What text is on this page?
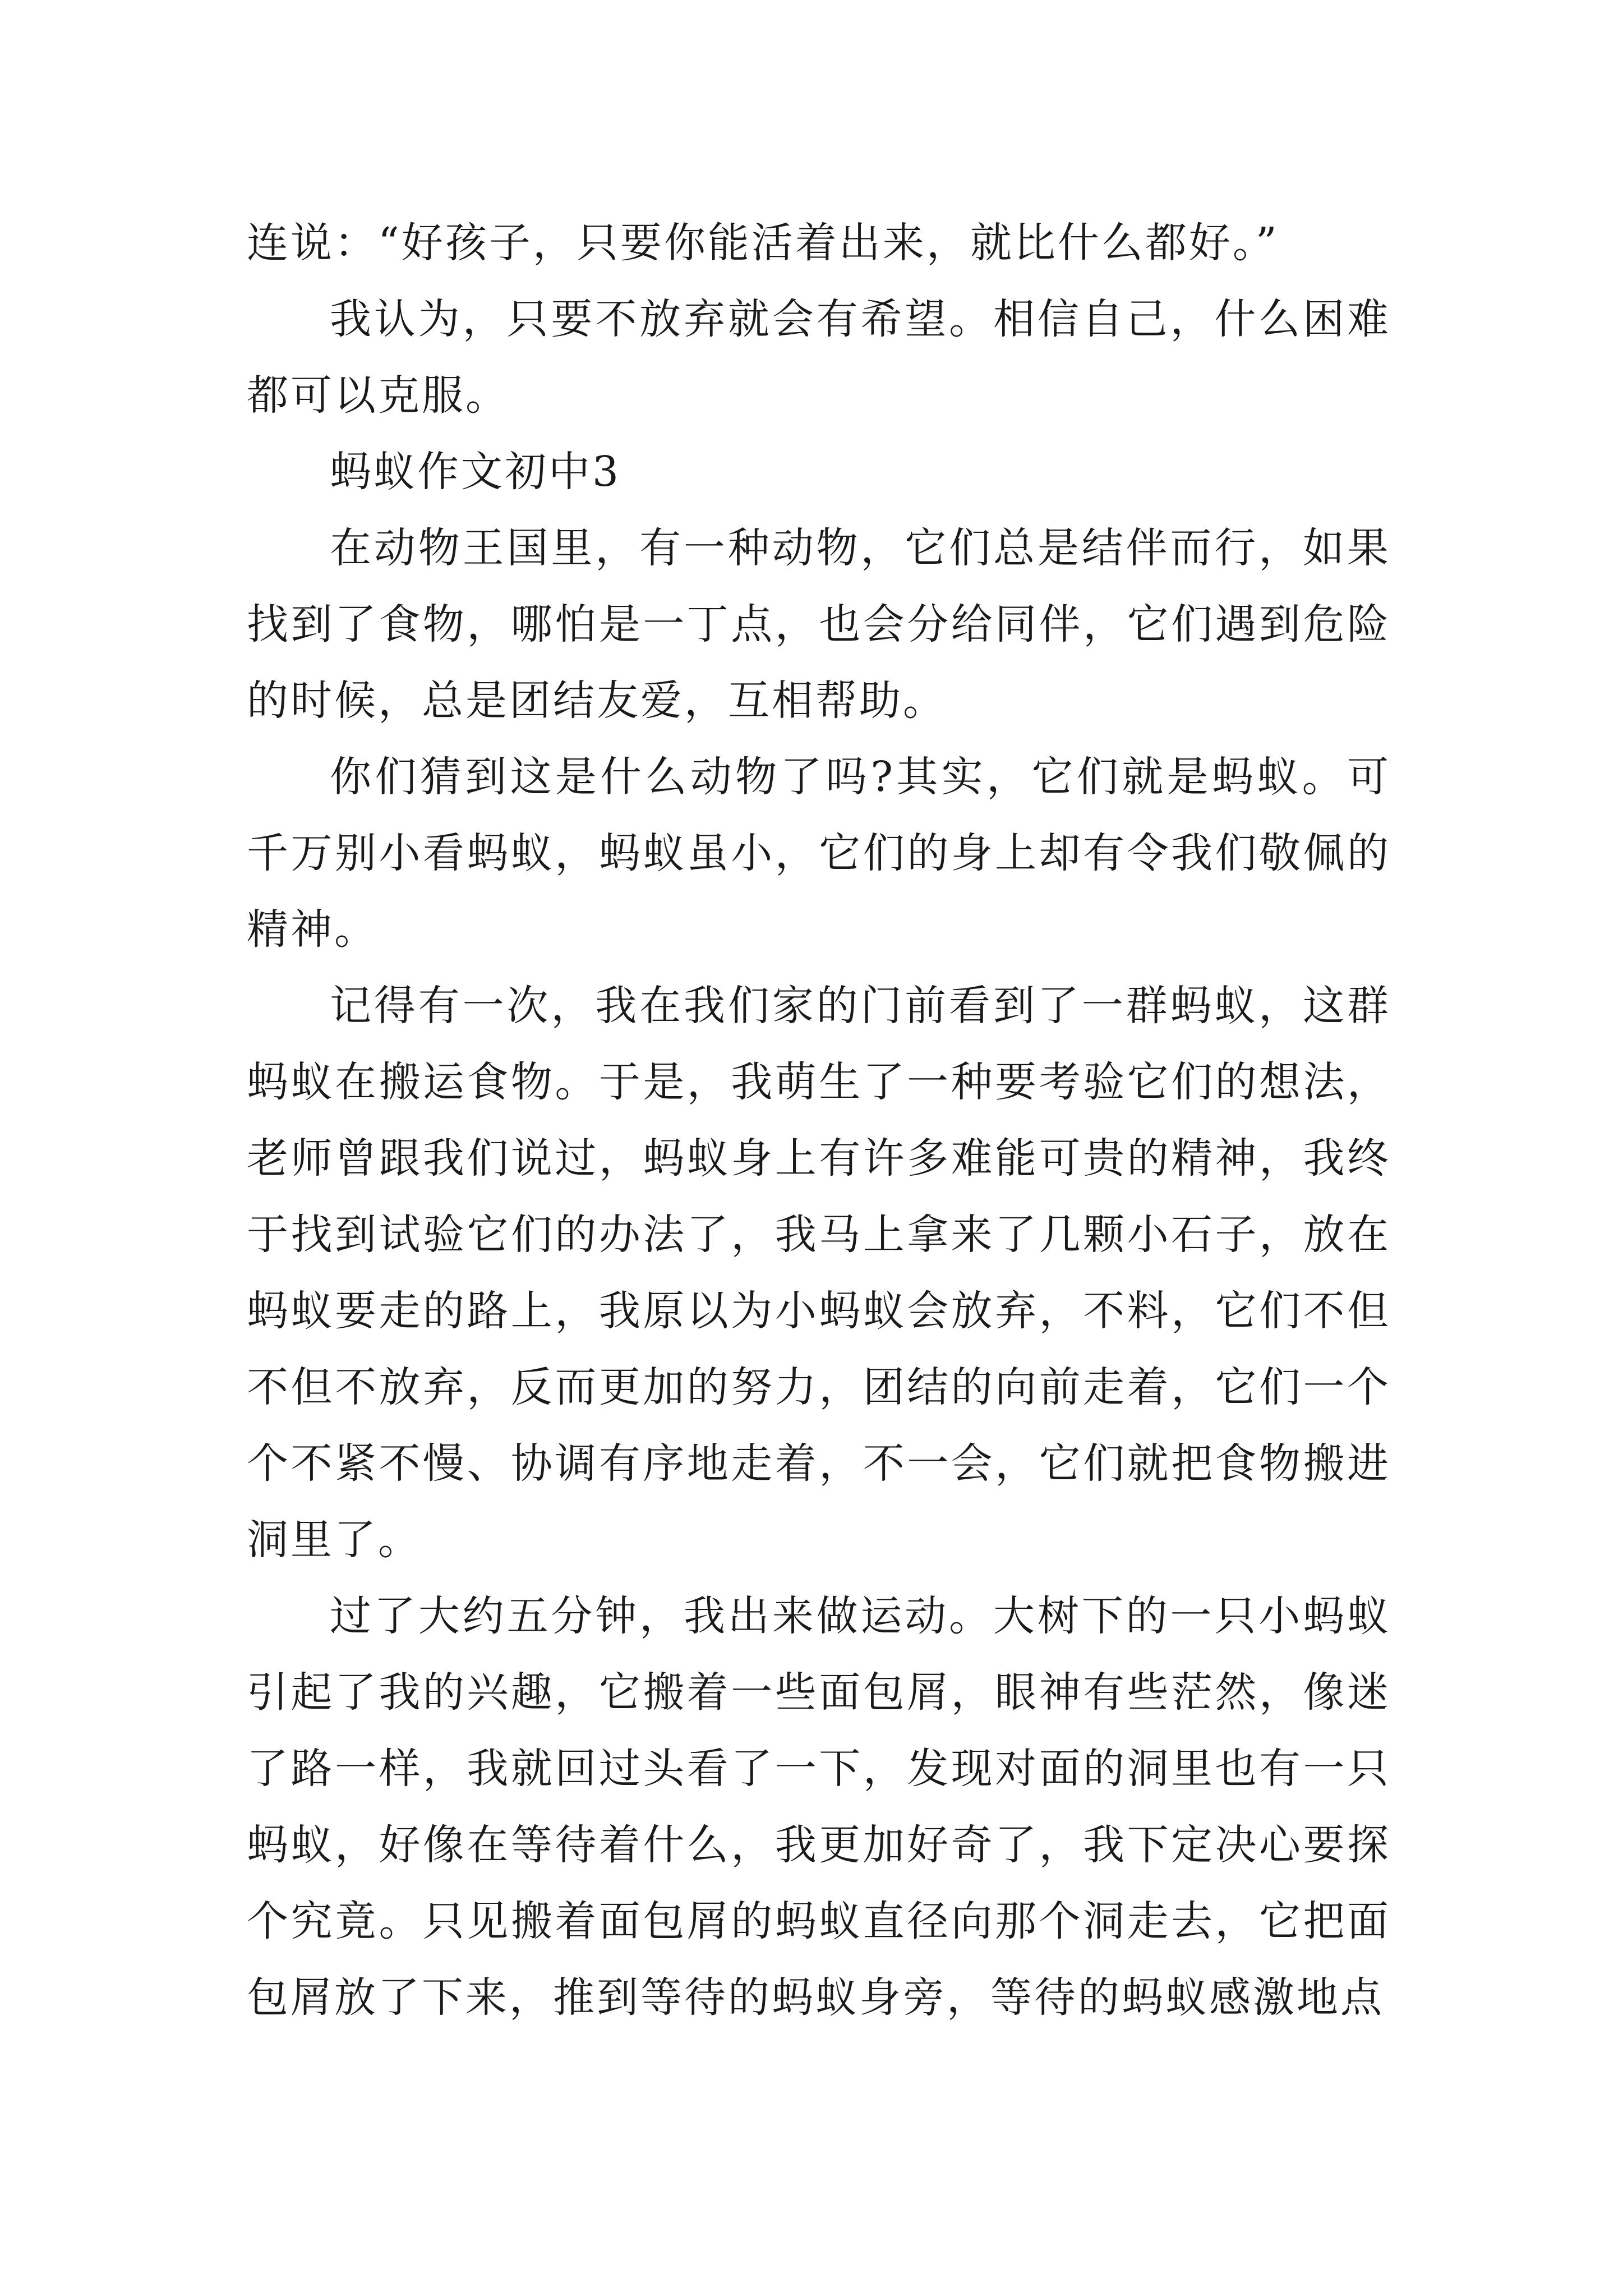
连说：“好孩子，只要你能活着出来，就比什么都好。”

我认为，只要不放弃就会有希望。相信自己，什么困难都可以克服。

蚂蚁作文初中3

在动物王国里，有一种动物，它们总是结伴而行，如果找到了食物，哪怕是一丁点，也会分给同伴，它们遇到危险的时候，总是团结友爱，互相帮助。

你们猜到这是什么动物了吗?其实，它们就是蚂蚁。可千万别小看蚂蚁，蚂蚁虽小，它们的身上却有令我们敬佩的精神。

记得有一次，我在我们家的门前看到了一群蚂蚁，这群蚂蚁在搬运食物。于是，我萌生了一种要考验它们的想法，老师曾跟我们说过，蚂蚁身上有许多难能可贵的精神，我终于找到试验它们的办法了，我马上拿来了几颗小石子，放在蚂蚁要走的路上，我原以为小蚂蚁会放弃，不料，它们不但不但不放弃，反而更加的努力，团结的向前走着，它们一个个不紧不慢、协调有序地走着，不一会，它们就把食物搬进洞里了。

过了大约五分钟，我出来做运动。大树下的一只小蚂蚁引起了我的兴趣，它搬着一些面包屑，眼神有些茫然，像迷了路一样，我就回过头看了一下，发现对面的洞里也有一只蚂蚁，好像在等待着什么，我更加好奇了，我下定决心要探个究竟。只见搬着面包屑的蚂蚁直径向那个洞走去，它把面包屑放了下来，推到等待的蚂蚁身旁，等待的蚂蚁感激地点
